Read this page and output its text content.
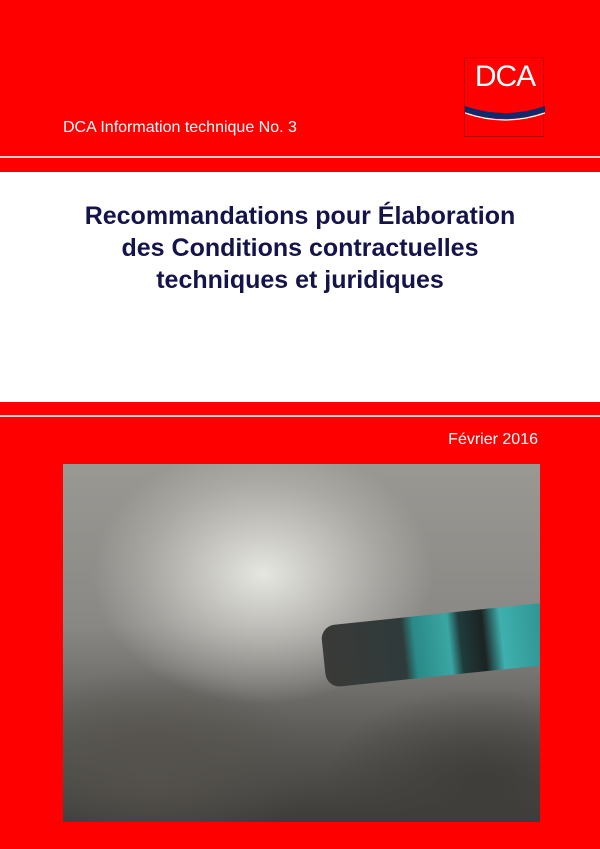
DCA Information technique No. 3
DCA
Recommandations pour Élaboration
des Conditions contractuelles
techniques et juridiques
Février 2016
